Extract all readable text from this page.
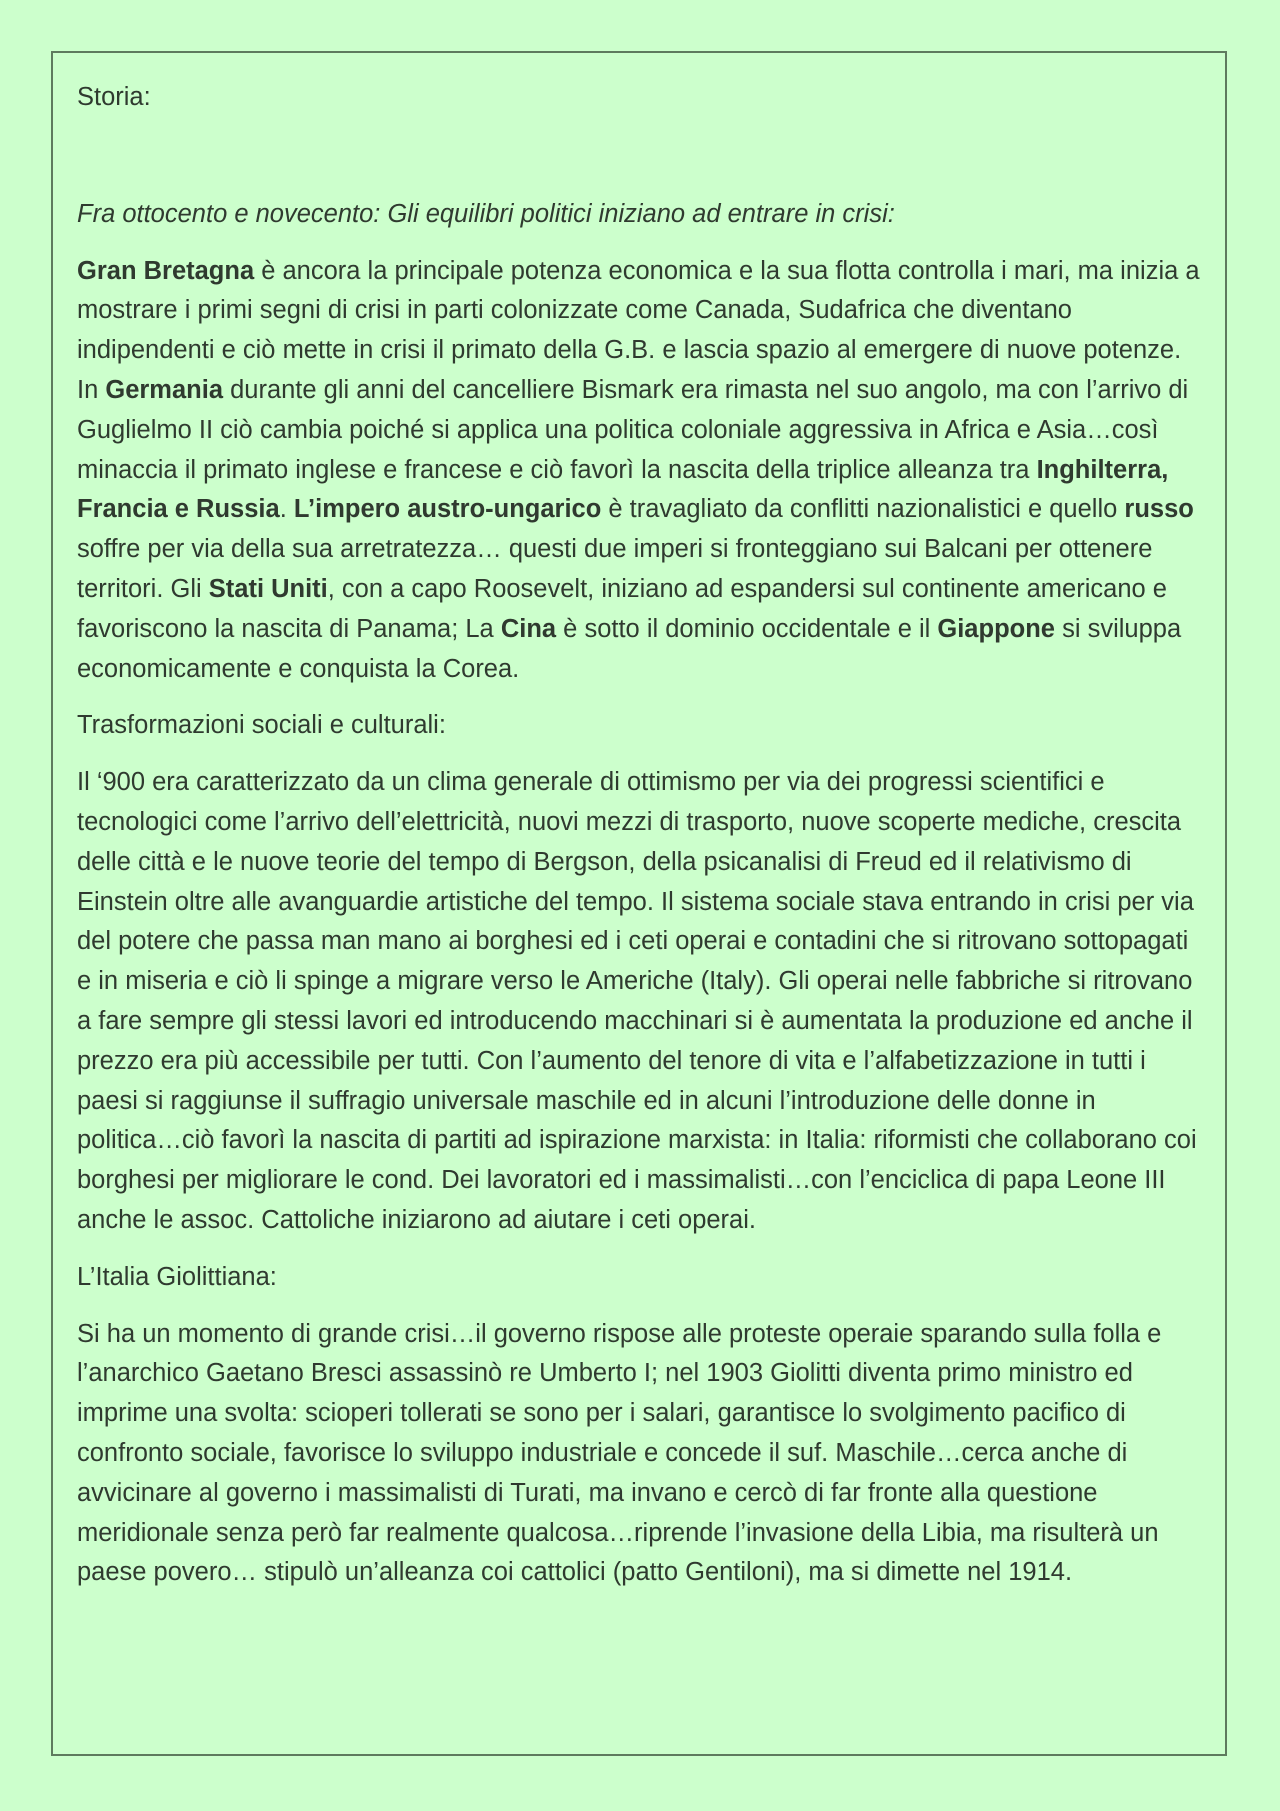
Storia:

Fra ottocento e novecento: Gli equilibri politici iniziano ad entrare in crisi:

Gran Bretagna è ancora la principale potenza economica e la sua flotta controlla i mari, ma inizia a mostrare i primi segni di crisi in parti colonizzate come Canada, Sudafrica che diventano indipendenti e ciò mette in crisi il primato della G.B. e lascia spazio al emergere di nuove potenze. In Germania durante gli anni del cancelliere Bismark era rimasta nel suo angolo, ma con l’arrivo di Guglielmo II ciò cambia poiché si applica una politica coloniale aggressiva in Africa e Asia…così minaccia il primato inglese e francese e ciò favorì la nascita della triplice alleanza tra Inghilterra, Francia e Russia. L’impero austro-ungarico è travagliato da conflitti nazionalistici e quello russo soffre per via della sua arretratezza… questi due imperi si fronteggiano sui Balcani per ottenere territori. Gli Stati Uniti, con a capo Roosevelt, iniziano ad espandersi sul continente americano e favoriscono la nascita di Panama; La Cina è sotto il dominio occidentale e il Giappone si sviluppa economicamente e conquista la Corea.

Trasformazioni sociali e culturali:

Il ‘900 era caratterizzato da un clima generale di ottimismo per via dei progressi scientifici e tecnologici come l’arrivo dell’elettricità, nuovi mezzi di trasporto, nuove scoperte mediche, crescita delle città e le nuove teorie del tempo di Bergson, della psicanalisi di Freud ed il relativismo di Einstein oltre alle avanguardie artistiche del tempo. Il sistema sociale stava entrando in crisi per via del potere che passa man mano ai borghesi ed i ceti operai e contadini che si ritrovano sottopagati e in miseria e ciò li spinge a migrare verso le Americhe (Italy). Gli operai nelle fabbriche si ritrovano a fare sempre gli stessi lavori ed introducendo macchinari si è aumentata la produzione ed anche il prezzo era più accessibile per tutti. Con l’aumento del tenore di vita e l’alfabetizzazione in tutti i paesi si raggiunse il suffragio universale maschile ed in alcuni l’introduzione delle donne in politica…ciò favorì la nascita di partiti ad ispirazione marxista: in Italia: riformisti che collaborano coi borghesi per migliorare le cond. Dei lavoratori ed i massimalisti…con l’enciclica di papa Leone III anche le assoc. Cattoliche iniziarono ad aiutare i ceti operai.

L’Italia Giolittiana:

Si ha un momento di grande crisi…il governo rispose alle proteste operaie sparando sulla folla e l’anarchico Gaetano Bresci assassinò re Umberto I; nel 1903 Giolitti diventa primo ministro ed imprime una svolta: scioperi tollerati se sono per i salari, garantisce lo svolgimento pacifico di confronto sociale, favorisce lo sviluppo industriale e concede il suf. Maschile…cerca anche di avvicinare al governo i massimalisti di Turati, ma invano e cercò di far fronte alla questione meridionale senza però far realmente qualcosa…riprende l’invasione della Libia, ma risulterà un paese povero… stipulò un’alleanza coi cattolici (patto Gentiloni), ma si dimette nel 1914.
